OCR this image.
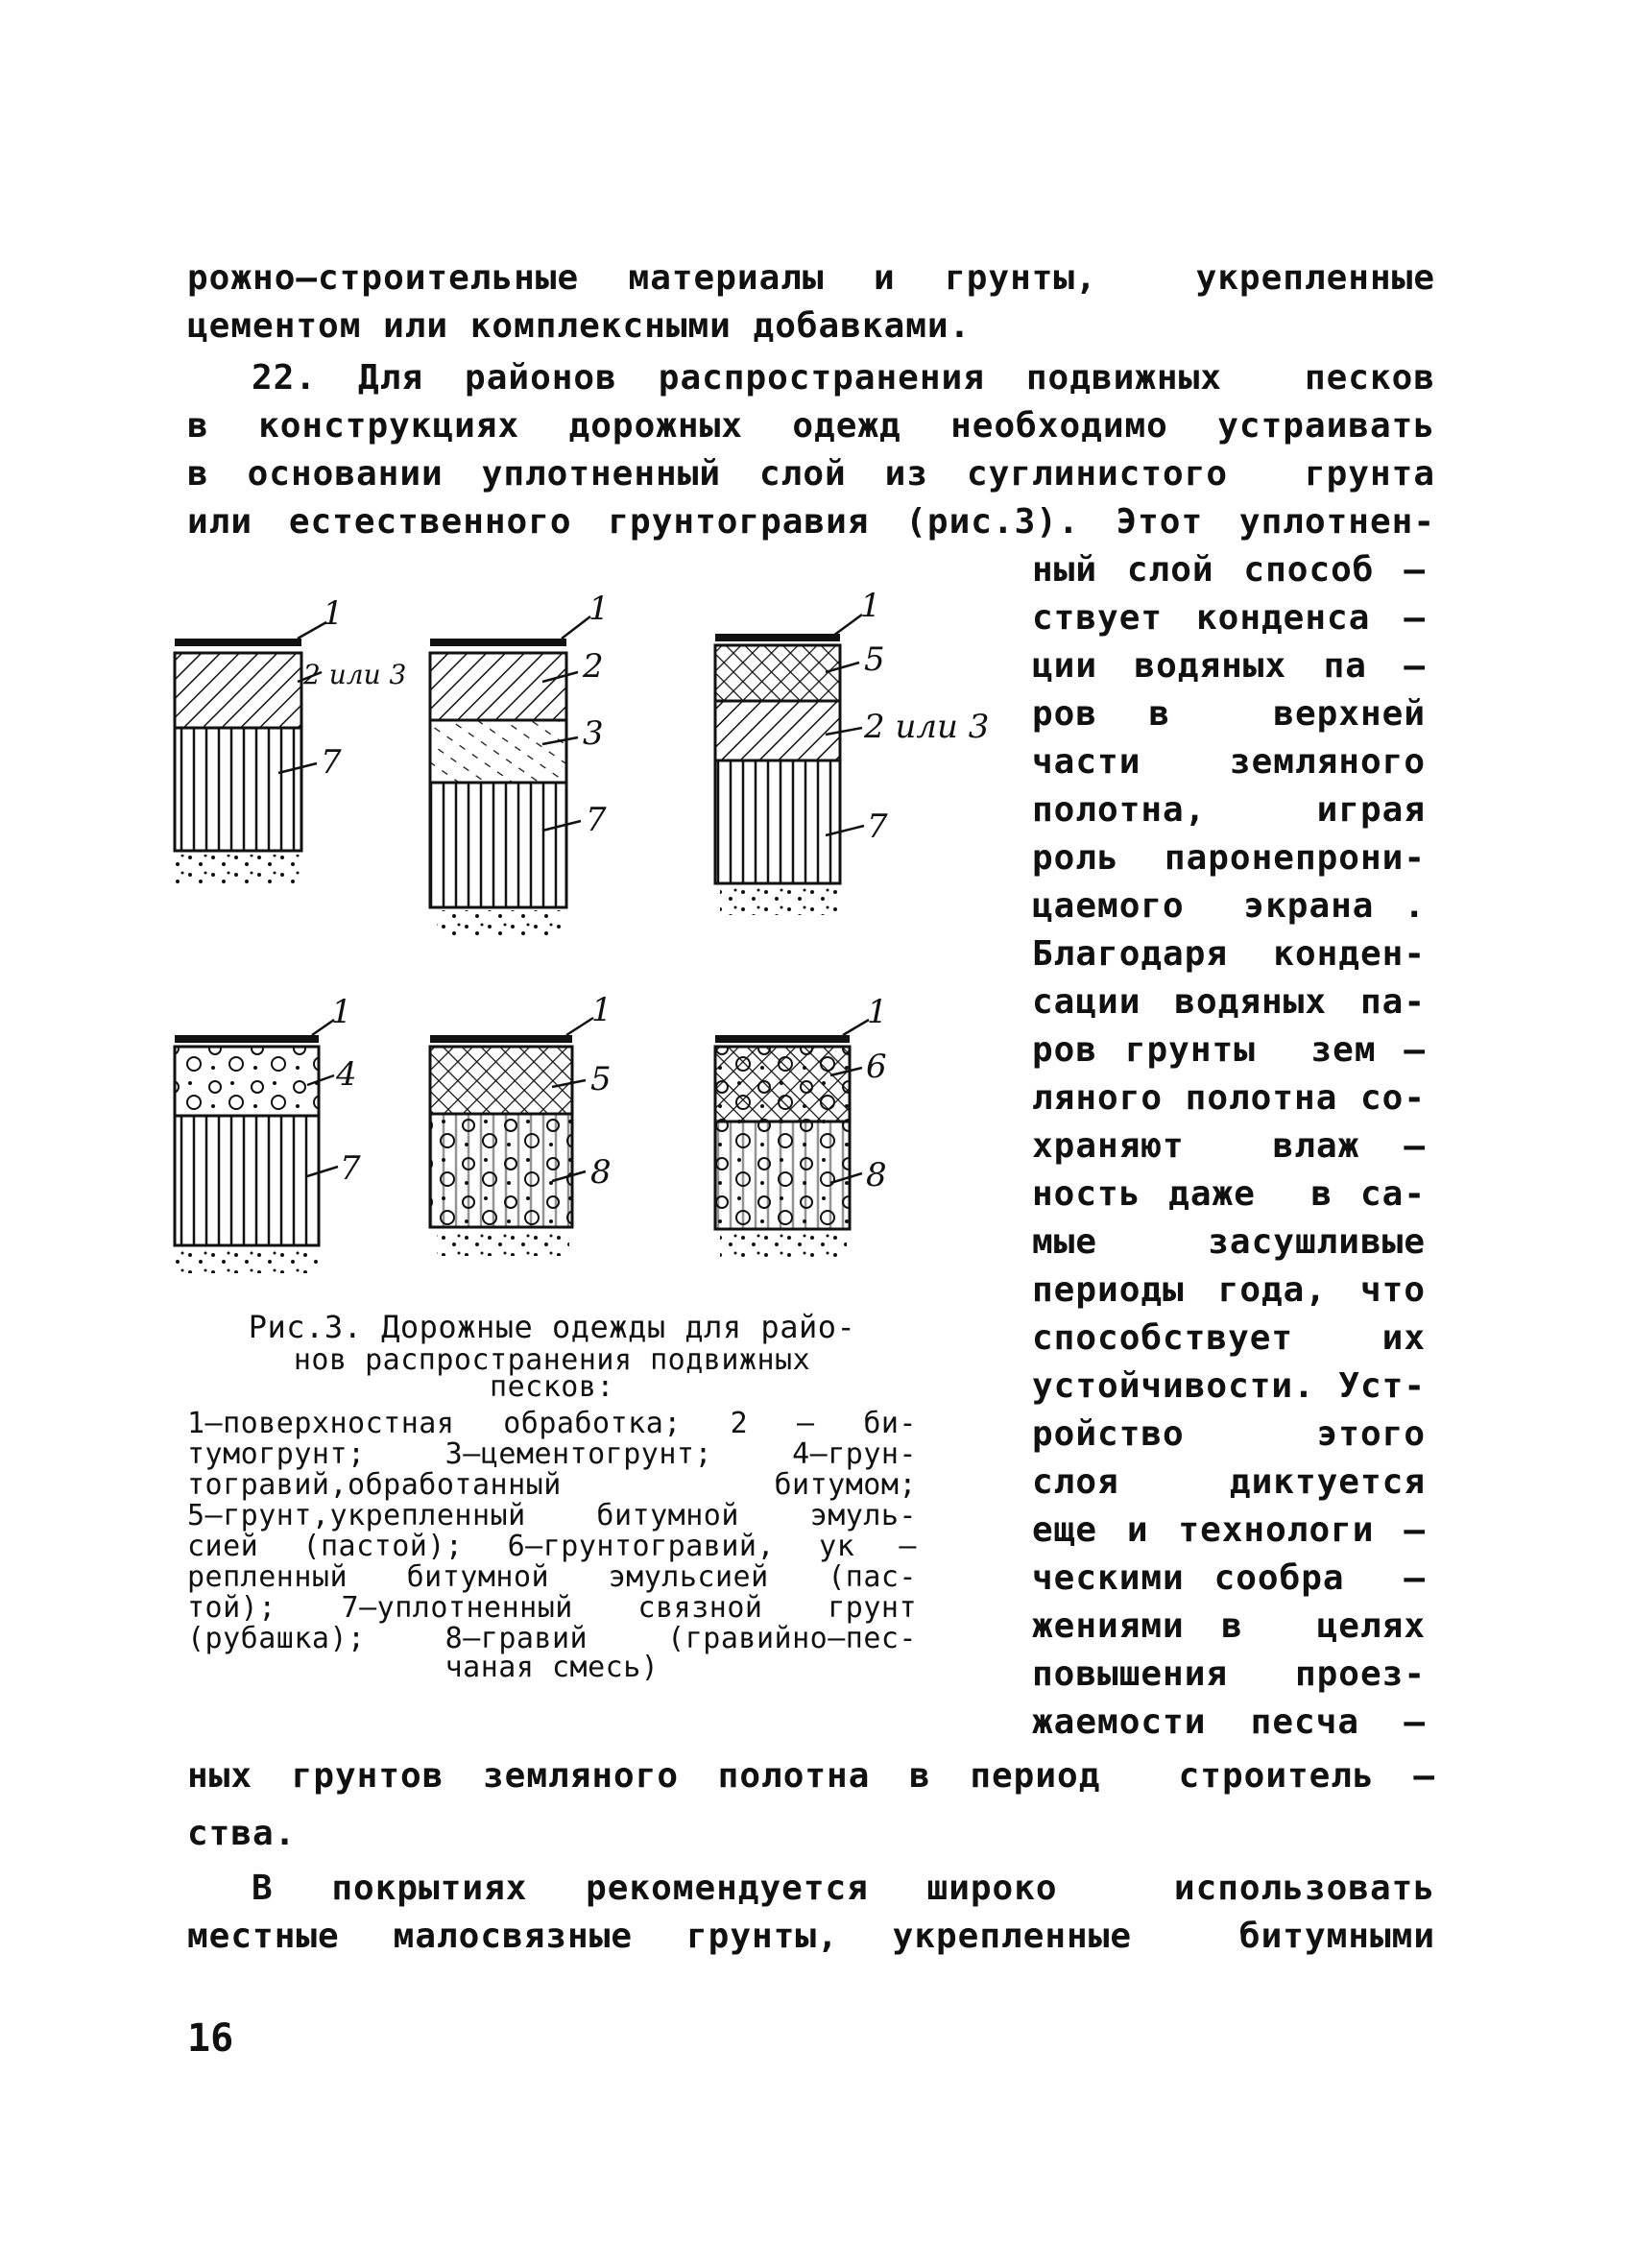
рожно–строительные материалы и грунты,  укрепленные
цементом или комплексными добавками.
22. Для районов распространения подвижных  песков
в конструкциях дорожных одежд необходимо устраивать
в основании уплотненный слой из суглинистого  грунта
или естественного грунтогравия (рис.3). Этот уплотнен-
ный слой способ –
ствует конденса –
ции водяных па –
ров в  верхней
части  земляного
полотна, играя
роль паронепрони-
цаемого  экрана .
Благодаря конден-
сации водяных па-
ров грунты  зем –
ляного полотна со-
храняют  влаж –
ность даже  в са-
мые засушливые
периоды года, что
способствует  их
устойчивости. Уст-
ройство  этого
слоя  диктуется
еще и технологи –
ческими сообра  –
жениями в  целях
повышения проез-
жаемости песча –
ных грунтов земляного полотна в период  строитель –
ства.
В покрытиях рекомендуется широко  использовать
местные малосвязные грунты, укрепленные  битумными
1
2 или 3
7
1
2
3
7
1
5
2 или 3
7
1
4
7
1
5
8
1
6
8
Рис.3. Дорожные одежды для райо-
нов распространения подвижных
песков:
1–поверхностная обработка; 2 – би-
тумогрунт; 3–цементогрунт; 4–грун-
тогравий,обработанный  битумом;
5–грунт,укрепленный битумной эмуль-
сией (пастой); 6–грунтогравий, ук –
репленный битумной эмульсией (пас-
той); 7–уплотненный связной грунт
(рубашка); 8–гравий (гравийно–пес-
чаная смесь)
16
